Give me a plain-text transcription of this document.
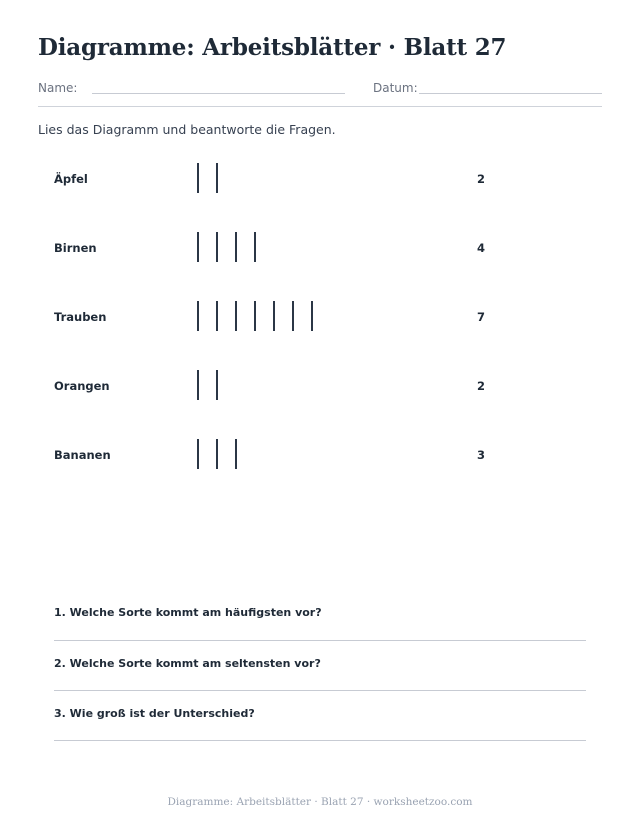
Diagramme: Arbeitsblätter · Blatt 27
Name:	Datum:
Lies das Diagramm und beantworte die Fragen.
Äpfel	2
Birnen	4
Trauben	7
Orangen	2
Bananen	3
1. Welche Sorte kommt am häufigsten vor?
2. Welche Sorte kommt am seltensten vor?
3. Wie groß ist der Unterschied?
Diagramme: Arbeitsblätter · Blatt 27 · worksheetzoo.com
